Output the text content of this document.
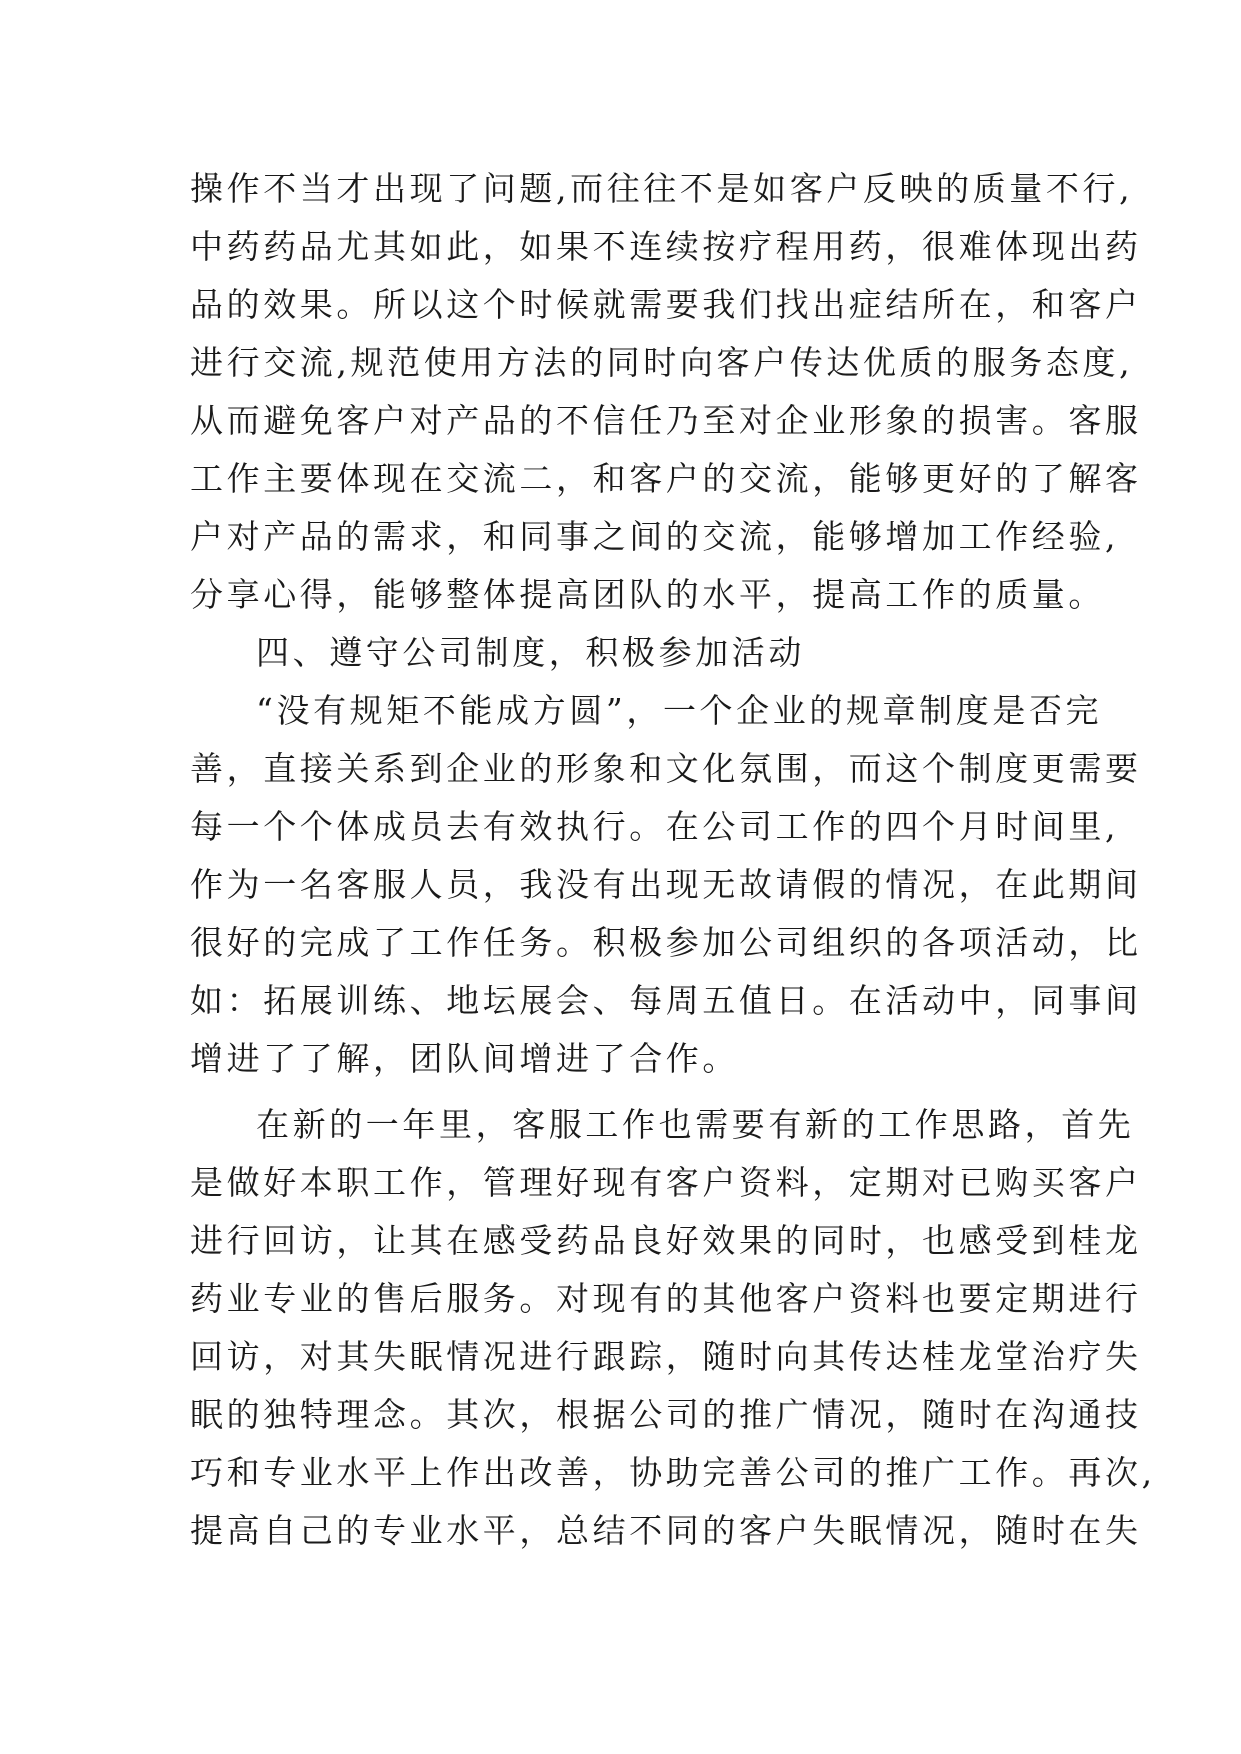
操作不当才出现了问题,而往往不是如客户反映的质量不行,
中药药品尤其如此，如果不连续按疗程用药，很难体现出药
品的效果。所以这个时候就需要我们找出症结所在，和客户
进行交流,规范使用方法的同时向客户传达优质的服务态度,
从而避免客户对产品的不信任乃至对企业形象的损害。客服
工作主要体现在交流二，和客户的交流，能够更好的了解客
户对产品的需求，和同事之间的交流，能够增加工作经验,
分享心得，能够整体提高团队的水平，提高工作的质量。
四、遵守公司制度，积极参加活动
“没有规矩不能成方圆”，一个企业的规章制度是否完
善，直接关系到企业的形象和文化氛围，而这个制度更需要
每一个个体成员去有效执行。在公司工作的四个月时间里,
作为一名客服人员，我没有出现无故请假的情况，在此期间
很好的完成了工作任务。积极参加公司组织的各项活动，比
如：拓展训练、地坛展会、每周五值日。在活动中，同事间
增进了了解，团队间增进了合作。
在新的一年里，客服工作也需要有新的工作思路，首先
是做好本职工作，管理好现有客户资料，定期对已购买客户
进行回访，让其在感受药品良好效果的同时，也感受到桂龙
药业专业的售后服务。对现有的其他客户资料也要定期进行
回访，对其失眠情况进行跟踪，随时向其传达桂龙堂治疗失
眠的独特理念。其次，根据公司的推广情况，随时在沟通技
巧和专业水平上作出改善，协助完善公司的推广工作。再次,
提高自己的专业水平，总结不同的客户失眠情况，随时在失
